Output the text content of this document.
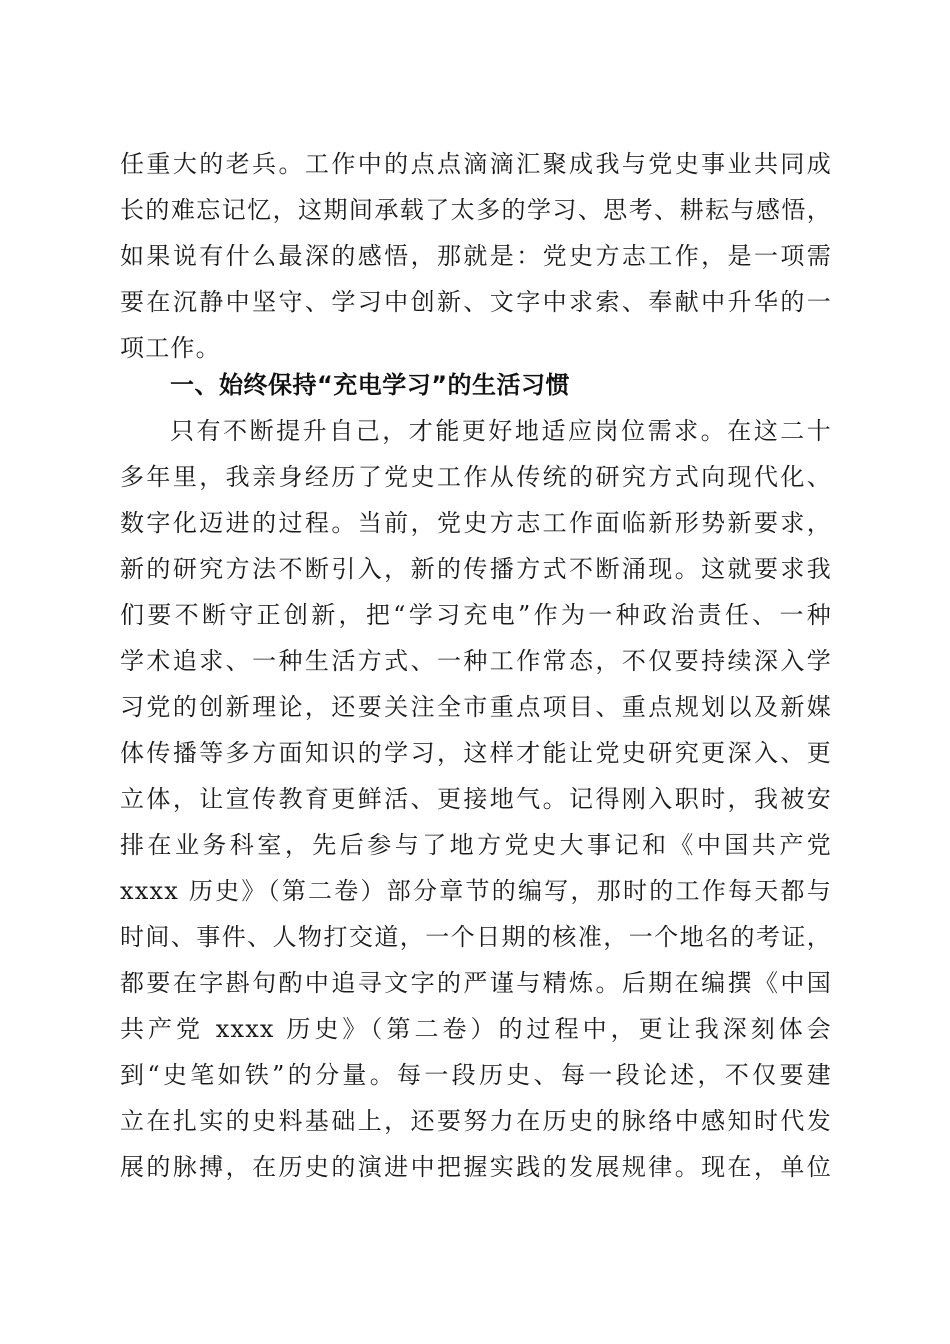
任重大的老兵。工作中的点点滴滴汇聚成我与党史事业共同成
长的难忘记忆，这期间承载了太多的学习、思考、耕耘与感悟，
如果说有什么最深的感悟，那就是：党史方志工作，是一项需
要在沉静中坚守、学习中创新、文字中求索、奉献中升华的一
项工作。
一、始终保持“充电学习”的生活习惯
只有不断提升自己，才能更好地适应岗位需求。在这二十
多年里，我亲身经历了党史工作从传统的研究方式向现代化、
数字化迈进的过程。当前，党史方志工作面临新形势新要求，
新的研究方法不断引入，新的传播方式不断涌现。这就要求我
们要不断守正创新，把“学习充电”作为一种政治责任、一种
学术追求、一种生活方式、一种工作常态，不仅要持续深入学
习党的创新理论，还要关注全市重点项目、重点规划以及新媒
体传播等多方面知识的学习，这样才能让党史研究更深入、更
立体，让宣传教育更鲜活、更接地气。记得刚入职时，我被安
排在业务科室，先后参与了地方党史大事记和《中国共产党
xxxx 历史》（第二卷）部分章节的编写，那时的工作每天都与
时间、事件、人物打交道，一个日期的核准，一个地名的考证，
都要在字斟句酌中追寻文字的严谨与精炼。后期在编撰《中国
共产党 xxxx 历史》（第二卷）的过程中，更让我深刻体会
到“史笔如铁”的分量。每一段历史、每一段论述，不仅要建
立在扎实的史料基础上，还要努力在历史的脉络中感知时代发
展的脉搏，在历史的演进中把握实践的发展规律。现在，单位
